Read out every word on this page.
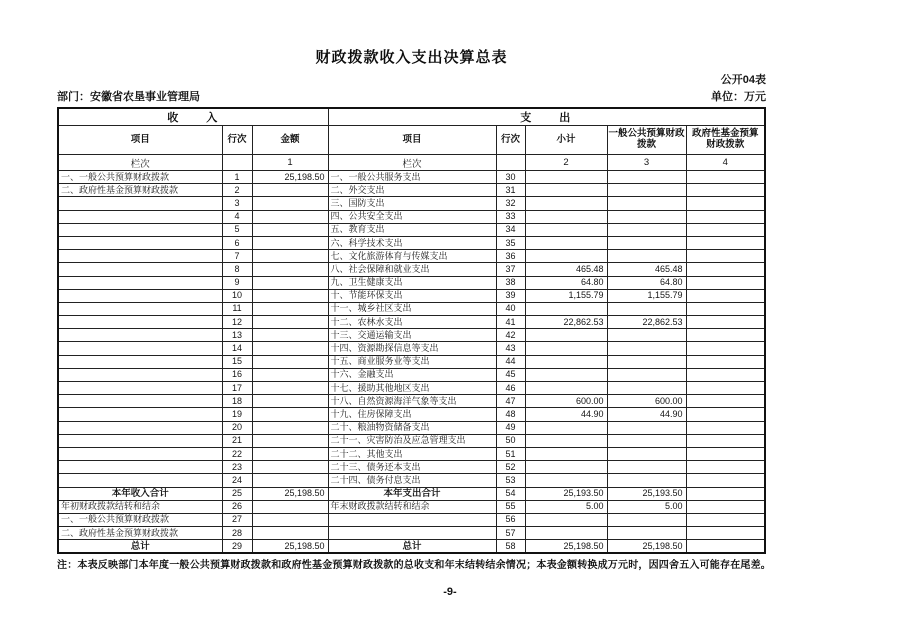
财政拨款收入支出决算总表
公开04表
部门：安徽省农垦事业管理局	单位：万元
收　　入			支　　出				
项目	行次	金额	项目	行次	小计	一般公共预算财政拨款	政府性基金预算财政拨款
栏次		1	栏次		2	3	4
一、一般公共预算财政拨款	1	25,198.50	一、一般公共服务支出	30			
二、政府性基金预算财政拨款	2		二、外交支出	31			
	3		三、国防支出	32			
	4		四、公共安全支出	33			
	5		五、教育支出	34			
	6		六、科学技术支出	35			
	7		七、文化旅游体育与传媒支出	36			
	8		八、社会保障和就业支出	37	465.48	465.48	
	9		九、卫生健康支出	38	64.80	64.80	
	10		十、节能环保支出	39	1,155.79	1,155.79	
	11		十一、城乡社区支出	40			
	12		十二、农林水支出	41	22,862.53	22,862.53	
	13		十三、交通运输支出	42			
	14		十四、资源勘探信息等支出	43			
	15		十五、商业服务业等支出	44			
	16		十六、金融支出	45			
	17		十七、援助其他地区支出	46			
	18		十八、自然资源海洋气象等支出	47	600.00	600.00	
	19		十九、住房保障支出	48	44.90	44.90	
	20		二十、粮油物资储备支出	49			
	21		二十一、灾害防治及应急管理支出	50			
	22		二十二、其他支出	51			
	23		二十三、债务还本支出	52			
	24		二十四、债务付息支出	53			
本年收入合计	25	25,198.50	本年支出合计	54	25,193.50	25,193.50	
年初财政拨款结转和结余	26		年末财政拨款结转和结余	55	5.00	5.00	
一、一般公共预算财政拨款	27			56			
二、政府性基金预算财政拨款	28			57			
总计	29	25,198.50	总计	58	25,198.50	25,198.50	
注：本表反映部门本年度一般公共预算财政拨款和政府性基金预算财政拨款的总收支和年末结转结余情况；本表金额转换成万元时，因四舍五入可能存在尾差。
-9-
